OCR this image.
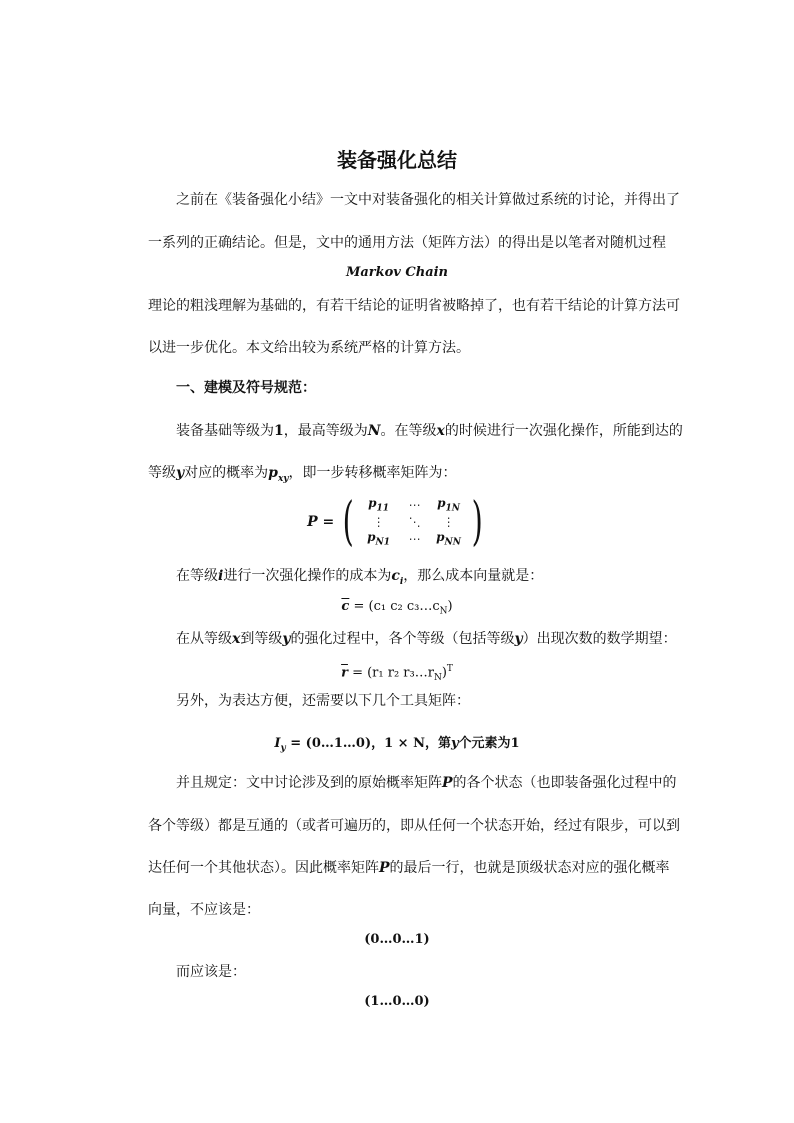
装备强化总结
之前在《装备强化小结》一文中对装备强化的相关计算做过系统的讨论，并得出了
一系列的正确结论。但是，文中的通用方法（矩阵方法）的得出是以笔者对随机过程
Markov Chain
理论的粗浅理解为基础的，有若干结论的证明省被略掉了，也有若干结论的计算方法可
以进一步优化。本文给出较为系统严格的计算方法。
一、建模及符号规范：
装备基础等级为1，最高等级为N。在等级x的时候进行一次强化操作，所能到达的
等级y对应的概率为$p_{xy}$，即一步转移概率矩阵为：
P = ( $p_{11}$ ⋯ $p_{1N}$
⋮ ⋱ ⋮
$p_{N1}$ ⋯ $p_{NN}$ )
在等级i进行一次强化操作的成本为$c_i$，那么成本向量就是：
$\overline{c} = (c_1$ c₂ $c_3\dots c_N$)
在从等级x到等级y的强化过程中，各个等级（包括等级y）出现次数的数学期望：
$\overline{r} = (r_1$ r₂ $r_3\dots r_N)^T$
另外，为表达方便，还需要以下几个工具矩阵：
$I_y$ = (0…1…0)，1 × N，第y个元素为1
并且规定：文中讨论涉及到的原始概率矩阵P的各个状态（也即装备强化过程中的
各个等级）都是互通的（或者可遍历的，即从任何一个状态开始，经过有限步，可以到
达任何一个其他状态）。因此概率矩阵P的最后一行，也就是顶级状态对应的强化概率
向量，不应该是：
(0…0…1)
而应该是：
(1…0…0)
